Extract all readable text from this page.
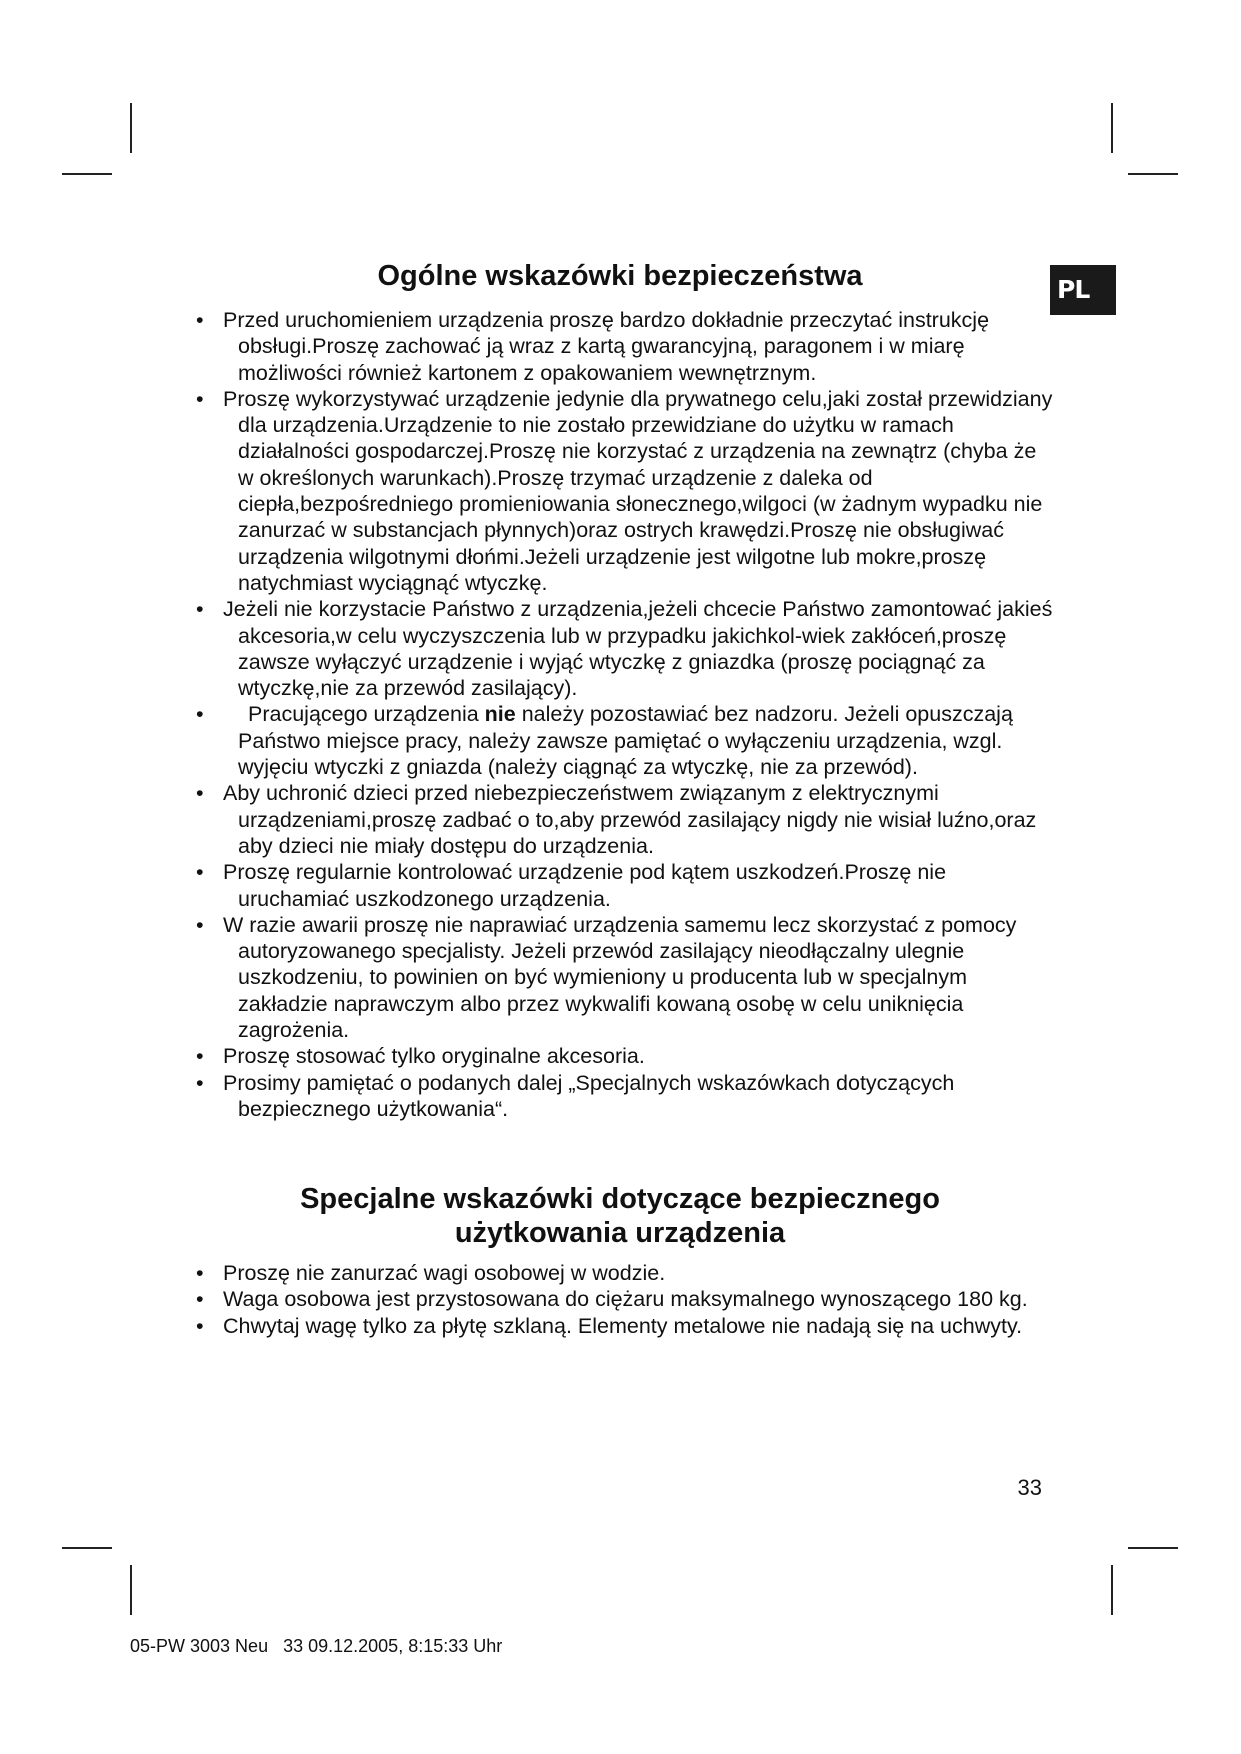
PL
Ogólne wskazówki bezpieczeństwa
• Przed uruchomieniem urządzenia proszę bardzo dokładnie przeczytać instrukcję obsługi.Proszę zachować ją wraz z kartą gwarancyjną, paragonem i w miarę możliwości również kartonem z opakowaniem wewnętrznym.
• Proszę wykorzystywać urządzenie jedynie dla prywatnego celu,jaki został przewidziany dla urządzenia.Urządzenie to nie zostało przewidziane do użytku w ramach działalności gospodarczej.Proszę nie korzystać z urządzenia na zewnątrz (chyba że w określonych warunkach).Proszę trzymać urządzenie z daleka od ciepła,bezpośredniego promieniowania słonecznego,wilgoci (w żadnym wypadku nie zanurzać w substancjach płynnych)oraz ostrych krawędzi.Proszę nie obsługiwać urządzenia wilgotnymi dłońmi.Jeżeli urządzenie jest wilgotne lub mokre,proszę natychmiast wyciągnąć wtyczkę.
• Jeżeli nie korzystacie Państwo z urządzenia,jeżeli chcecie Państwo zamontować jakieś akcesoria,w celu wyczyszczenia lub w przypadku jakichkol-wiek zakłóceń,proszę zawsze wyłączyć urządzenie i wyjąć wtyczkę z gniazdka (proszę pociągnąć za wtyczkę,nie za przewód zasilający).
• Pracującego urządzenia nie należy pozostawiać bez nadzoru. Jeżeli opuszczają Państwo miejsce pracy, należy zawsze pamiętać o wyłączeniu urządzenia, wzgl. wyjęciu wtyczki z gniazda (należy ciągnąć za wtyczkę, nie za przewód).
• Aby uchronić dzieci przed niebezpieczeństwem związanym z elektrycznymi urządzeniami,proszę zadbać o to,aby przewód zasilający nigdy nie wisiał luźno,oraz aby dzieci nie miały dostępu do urządzenia.
• Proszę regularnie kontrolować urządzenie pod kątem uszkodzeń.Proszę nie uruchamiać uszkodzonego urządzenia.
• W razie awarii proszę nie naprawiać urządzenia samemu lecz skorzystać z pomocy autoryzowanego specjalisty. Jeżeli przewód zasilający nieodłączalny ulegnie uszkodzeniu, to powinien on być wymieniony u producenta lub w specjalnym zakładzie naprawczym albo przez wykwalifi kowaną osobę w celu uniknięcia zagrożenia.
• Proszę stosować tylko oryginalne akcesoria.
• Prosimy pamiętać o podanych dalej „Specjalnych wskazówkach dotyczących bezpiecznego użytkowania“.
Specjalne wskazówki dotyczące bezpiecznego
użytkowania urządzenia
• Proszę nie zanurzać wagi osobowej w wodzie.
• Waga osobowa jest przystosowana do ciężaru maksymalnego wynoszącego 180 kg.
• Chwytaj wagę tylko za płytę szklaną. Elementy metalowe nie nadają się na uchwyty.
33
05-PW 3003 Neu   33 09.12.2005, 8:15:33 Uhr
